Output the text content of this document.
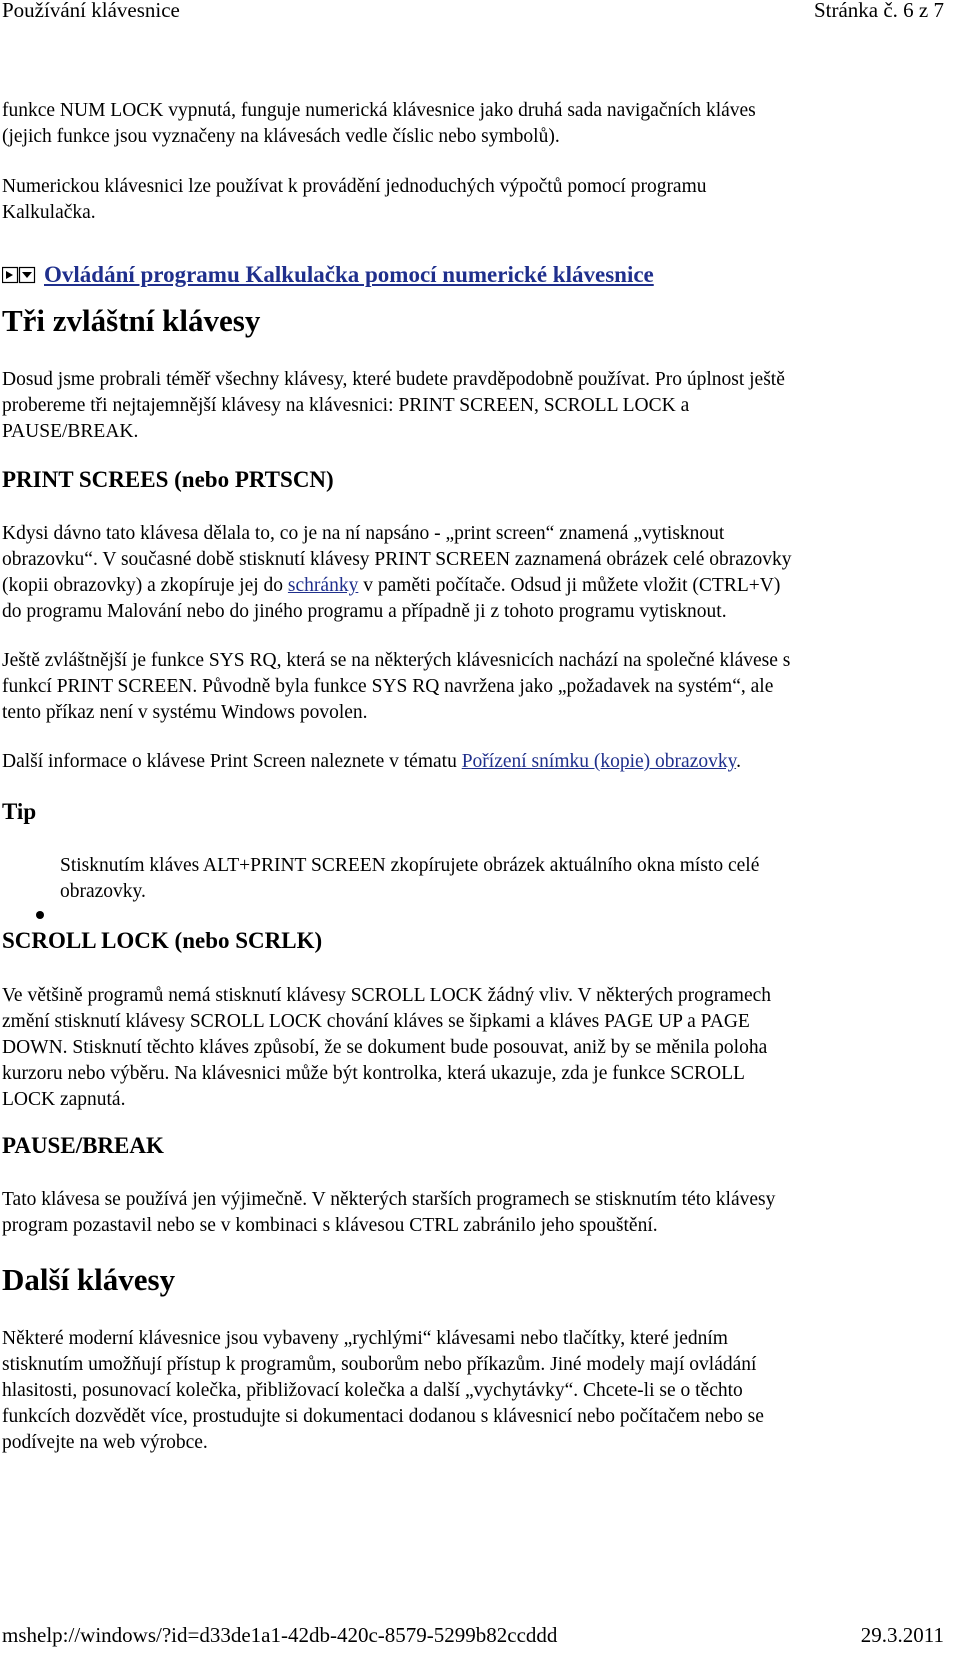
Používání klávesnice	Stránka č. 6 z 7
funkce NUM LOCK vypnutá, funguje numerická klávesnice jako druhá sada navigačních kláves
(jejich funkce jsou vyznačeny na klávesách vedle číslic nebo symbolů).
Numerickou klávesnici lze používat k provádění jednoduchých výpočtů pomocí programu
Kalkulačka.
Ovládání programu Kalkulačka pomocí numerické klávesnice
Tři zvláštní klávesy
Dosud jsme probrali téměř všechny klávesy, které budete pravděpodobně používat. Pro úplnost ještě
probereme tři nejtajemnější klávesy na klávesnici: PRINT SCREEN, SCROLL LOCK a
PAUSE/BREAK.
PRINT SCREES (nebo PRTSCN)
Kdysi dávno tato klávesa dělala to, co je na ní napsáno - „print screen“ znamená „vytisknout
obrazovku“. V současné době stisknutí klávesy PRINT SCREEN zaznamená obrázek celé obrazovky
(kopii obrazovky) a zkopíruje jej do schránky v paměti počítače. Odsud ji můžete vložit (CTRL+V)
do programu Malování nebo do jiného programu a případně ji z tohoto programu vytisknout.
Ještě zvláštnější je funkce SYS RQ, která se na některých klávesnicích nachází na společné klávese s
funkcí PRINT SCREEN. Původně byla funkce SYS RQ navržena jako „požadavek na systém“, ale
tento příkaz není v systému Windows povolen.
Další informace o klávese Print Screen naleznete v tématu Pořízení snímku (kopie) obrazovky.
Tip
Stisknutím kláves ALT+PRINT SCREEN zkopírujete obrázek aktuálního okna místo celé
obrazovky.
SCROLL LOCK (nebo SCRLK)
Ve většině programů nemá stisknutí klávesy SCROLL LOCK žádný vliv. V některých programech
změní stisknutí klávesy SCROLL LOCK chování kláves se šipkami a kláves PAGE UP a PAGE
DOWN. Stisknutí těchto kláves způsobí, že se dokument bude posouvat, aniž by se měnila poloha
kurzoru nebo výběru. Na klávesnici může být kontrolka, která ukazuje, zda je funkce SCROLL
LOCK zapnutá.
PAUSE/BREAK
Tato klávesa se používá jen výjimečně. V některých starších programech se stisknutím této klávesy
program pozastavil nebo se v kombinaci s klávesou CTRL zabránilo jeho spouštění.
Další klávesy
Některé moderní klávesnice jsou vybaveny „rychlými“ klávesami nebo tlačítky, které jedním
stisknutím umožňují přístup k programům, souborům nebo příkazům. Jiné modely mají ovládání
hlasitosti, posunovací kolečka, přibližovací kolečka a další „vychytávky“. Chcete-li se o těchto
funkcích dozvědět více, prostudujte si dokumentaci dodanou s klávesnicí nebo počítačem nebo se
podívejte na web výrobce.
mshelp://windows/?id=d33de1a1-42db-420c-8579-5299b82ccddd	29.3.2011
